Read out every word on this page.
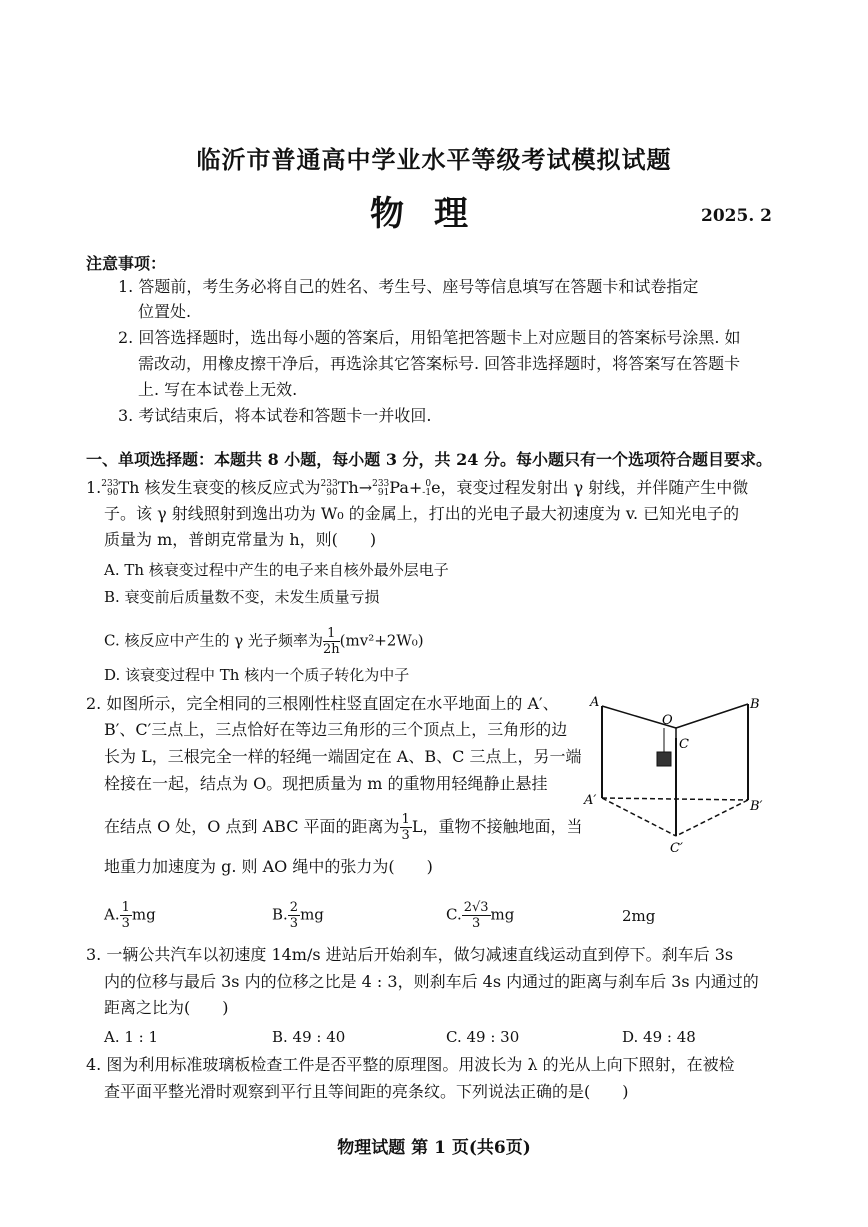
临沂市普通高中学业水平等级考试模拟试题
物理	2025. 2
注意事项：
1. 答题前，考生务必将自己的姓名、考生号、座号等信息填写在答题卡和试卷指定
位置处.
2. 回答选择题时，选出每小题的答案后，用铅笔把答题卡上对应题目的答案标号涂黑. 如
需改动，用橡皮擦干净后，再选涂其它答案标号. 回答非选择题时，将答案写在答题卡
上. 写在本试卷上无效.
3. 考试结束后，将本试卷和答题卡一并收回.
一、单项选择题：本题共 8 小题，每小题 3 分，共 24 分。每小题只有一个选项符合题目要求。
1. 233
90 Th 核发生衰变的核反应式为 233
90 Th→ 233
91 Pa+ 0
-1 e，衰变过程发射出 γ 射线，并伴随产生中微
子。该 γ 射线照射到逸出功为 W₀ 的金属上，打出的光电子最大初速度为 v. 已知光电子的
质量为 m，普朗克常量为 h，则(　　)
A. Th 核衰变过程中产生的电子来自核外最外层电子
B. 衰变前后质量数不变，未发生质量亏损
C. 核反应中产生的 γ 光子频率为 $\frac{1}{2h} (mv^2+2W_0)$
D. 该衰变过程中 Th 核内一个质子转化为中子
2. 如图所示，完全相同的三根刚性柱竖直固定在水平地面上的 A′、
B′、C′三点上，三点恰好在等边三角形的三个顶点上，三角形的边
长为 L，三根完全一样的轻绳一端固定在 A、B、C 三点上，另一端
栓接在一起，结点为 O。现把质量为 m 的重物用轻绳静止悬挂
在结点 O 处，O 点到 ABC 平面的距离为 $\frac{1}{3}$ L，重物不接触地面，当
地重力加速度为 g. 则 AO 绳中的张力为(　　)
A. $\frac{1}{3}$ mg	B. $\frac{2}{3}$ mg	C. $\frac{2√3}{3}$ mg	2mg
A	B
O
C
A′	B′
C′
3. 一辆公共汽车以初速度 14m/s 进站后开始刹车，做匀减速直线运动直到停下。刹车后 3s
内的位移与最后 3s 内的位移之比是 4 : 3，则刹车后 4s 内通过的距离与刹车后 3s 内通过的
距离之比为(　　)
A. 1 : 1	B. 49 : 40	C. 49 : 30	D. 49 : 48
4. 图为利用标准玻璃板检查工件是否平整的原理图。用波长为 λ 的光从上向下照射，在被检
查平面平整光滑时观察到平行且等间距的亮条纹。下列说法正确的是(　　)
物理试题 第 1 页(共6页)
